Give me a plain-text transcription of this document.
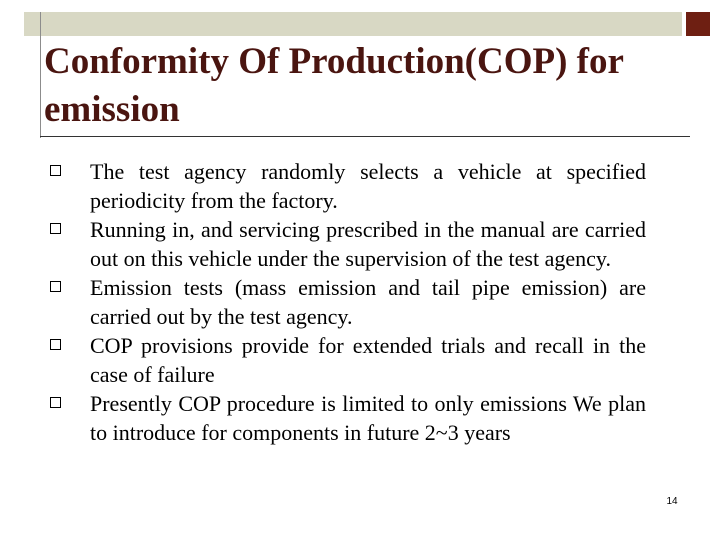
Conformity Of Production(COP) for emission
The test agency randomly selects a vehicle at specified periodicity from the factory.
Running in, and servicing prescribed in the manual are carried out on this vehicle under the supervision of the test agency.
Emission tests (mass emission and tail pipe emission) are carried out by the test agency.
COP provisions provide for extended trials and recall in the case of failure
Presently COP procedure is limited to only emissions We plan to introduce for components in future 2~3 years
14
